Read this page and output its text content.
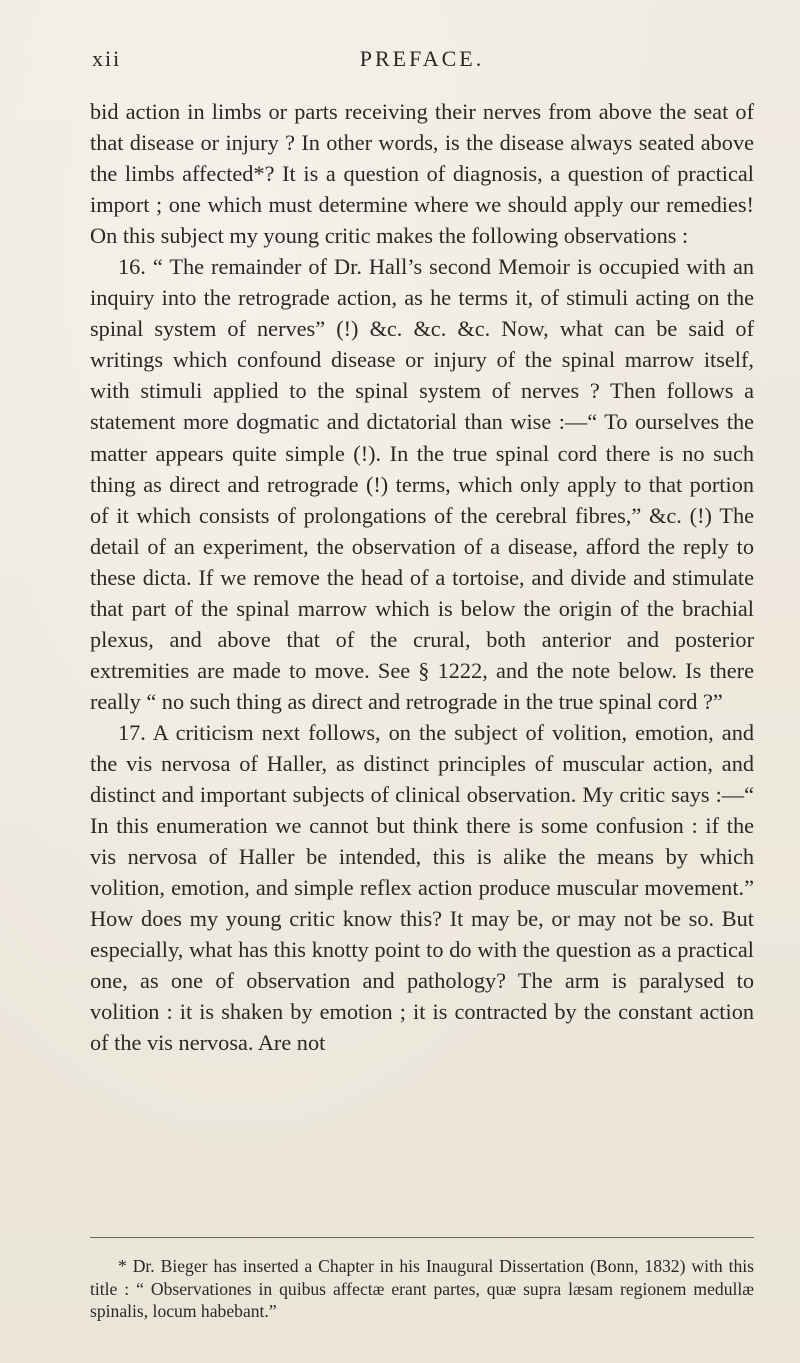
xii	PREFACE.

bid action in limbs or parts receiving their nerves from above the seat of that disease or injury ? In other words, is the disease always seated above the limbs affected*? It is a question of diagnosis, a question of practical import ; one which must determine where we should apply our remedies! On this subject my young critic makes the following observations :

16. “ The remainder of Dr. Hall’s second Memoir is occupied with an inquiry into the retrograde action, as he terms it, of stimuli acting on the spinal system of nerves” (!) &c. &c. &c. Now, what can be said of writings which confound disease or injury of the spinal marrow itself, with stimuli applied to the spinal system of nerves ? Then follows a statement more dogmatic and dictatorial than wise :—“ To ourselves the matter appears quite simple (!). In the true spinal cord there is no such thing as direct and retrograde (!) terms, which only apply to that portion of it which consists of prolongations of the cerebral fibres,” &c. (!) The detail of an experiment, the observation of a disease, afford the reply to these dicta. If we remove the head of a tortoise, and divide and stimulate that part of the spinal marrow which is below the origin of the brachial plexus, and above that of the crural, both anterior and posterior extremities are made to move. See § 1222, and the note below. Is there really “ no such thing as direct and retrograde in the true spinal cord ?”

17. A criticism next follows, on the subject of volition, emotion, and the vis nervosa of Haller, as distinct principles of muscular action, and distinct and important subjects of clinical observation. My critic says :—“ In this enumeration we cannot but think there is some confusion : if the vis nervosa of Haller be intended, this is alike the means by which volition, emotion, and simple reflex action produce muscular movement.” How does my young critic know this? It may be, or may not be so. But especially, what has this knotty point to do with the question as a practical one, as one of observation and pathology? The arm is paralysed to volition : it is shaken by emotion ; it is contracted by the constant action of the vis nervosa. Are not

* Dr. Bieger has inserted a Chapter in his Inaugural Dissertation (Bonn, 1832) with this title : “ Observationes in quibus affectæ erant partes, quæ supra læsam regionem medullæ spinalis, locum habebant.”
